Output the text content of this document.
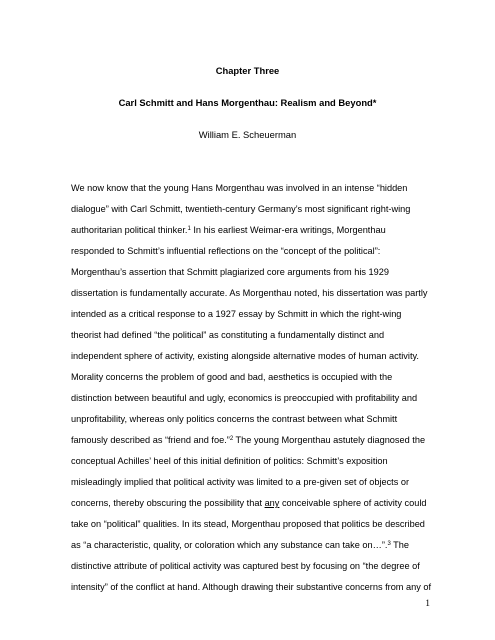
Chapter Three
Carl Schmitt and Hans Morgenthau: Realism and Beyond*
William E. Scheuerman
We now know that the young Hans Morgenthau was involved in an intense “hidden
dialogue” with Carl Schmitt, twentieth-century Germany’s most significant right-wing
authoritarian political thinker.$^1$ In his earliest Weimar-era writings, Morgenthau
responded to Schmitt’s influential reflections on the “concept of the political”:
Morgenthau’s assertion that Schmitt plagiarized core arguments from his 1929
dissertation is fundamentally accurate. As Morgenthau noted, his dissertation was partly
intended as a critical response to a 1927 essay by Schmitt in which the right-wing
theorist had defined “the political” as constituting a fundamentally distinct and
independent sphere of activity, existing alongside alternative modes of human activity.
Morality concerns the problem of good and bad, aesthetics is occupied with the
distinction between beautiful and ugly, economics is preoccupied with profitability and
unprofitability, whereas only politics concerns the contrast between what Schmitt
famously described as “friend and foe.”$^2$ The young Morgenthau astutely diagnosed the
conceptual Achilles’ heel of this initial definition of politics: Schmitt’s exposition
misleadingly implied that political activity was limited to a pre-given set of objects or
concerns, thereby obscuring the possibility that any conceivable sphere of activity could
take on “political” qualities. In its stead, Morgenthau proposed that politics be described
as “a characteristic, quality, or coloration which any substance can take on…”.$^3$ The
distinctive attribute of political activity was captured best by focusing on “the degree of
intensity” of the conflict at hand. Although drawing their substantive concerns from any of
1
